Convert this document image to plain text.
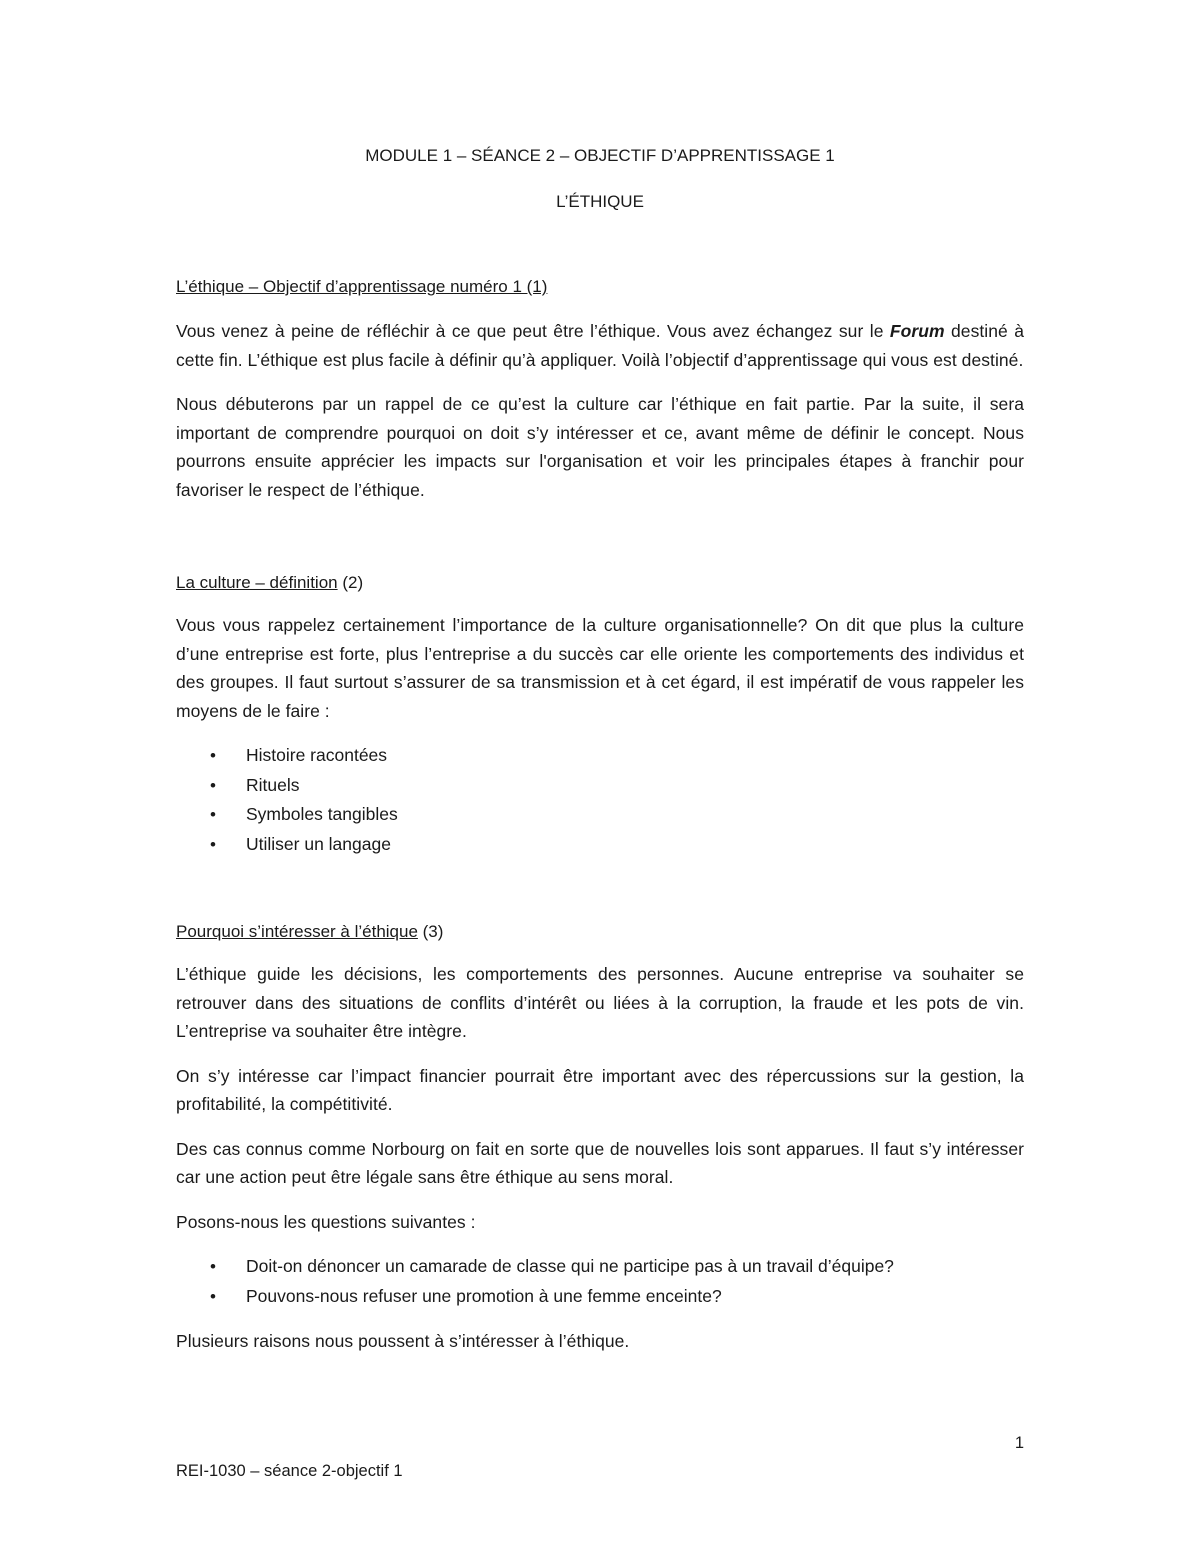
MODULE 1 – SÉANCE 2 – OBJECTIF D’APPRENTISSAGE 1

L’ÉTHIQUE

L’éthique – Objectif d’apprentissage numéro 1 (1)

Vous venez à peine de réfléchir à ce que peut être l’éthique. Vous avez échangez sur le Forum destiné à cette fin. L’éthique est plus facile à définir qu’à appliquer. Voilà l’objectif d’apprentissage qui vous est destiné.

Nous débuterons par un rappel de ce qu’est la culture car l’éthique en fait partie. Par la suite, il sera important de comprendre pourquoi on doit s’y intéresser et ce, avant même de définir le concept. Nous pourrons ensuite apprécier les impacts sur l'organisation et voir les principales étapes à franchir pour favoriser le respect de l’éthique.

La culture – définition (2)

Vous vous rappelez certainement l’importance de la culture organisationnelle? On dit que plus la culture d’une entreprise est forte, plus l’entreprise a du succès car elle oriente les comportements des individus et des groupes. Il faut surtout s’assurer de sa transmission et à cet égard, il est impératif de vous rappeler les moyens de le faire :

• Histoire racontées
• Rituels
• Symboles tangibles
• Utiliser un langage

Pourquoi s’intéresser à l’éthique (3)

L’éthique guide les décisions, les comportements des personnes. Aucune entreprise va souhaiter se retrouver dans des situations de conflits d’intérêt ou liées à la corruption, la fraude et les pots de vin. L’entreprise va souhaiter être intègre.

On s’y intéresse car l’impact financier pourrait être important avec des répercussions sur la gestion, la profitabilité, la compétitivité.

Des cas connus comme Norbourg on fait en sorte que de nouvelles lois sont apparues. Il faut s’y intéresser car une action peut être légale sans être éthique au sens moral.

Posons-nous les questions suivantes :

• Doit-on dénoncer un camarade de classe qui ne participe pas à un travail d’équipe?
• Pouvons-nous refuser une promotion à une femme enceinte?

Plusieurs raisons nous poussent à s’intéresser à l’éthique.

1
REI-1030 – séance 2-objectif 1
